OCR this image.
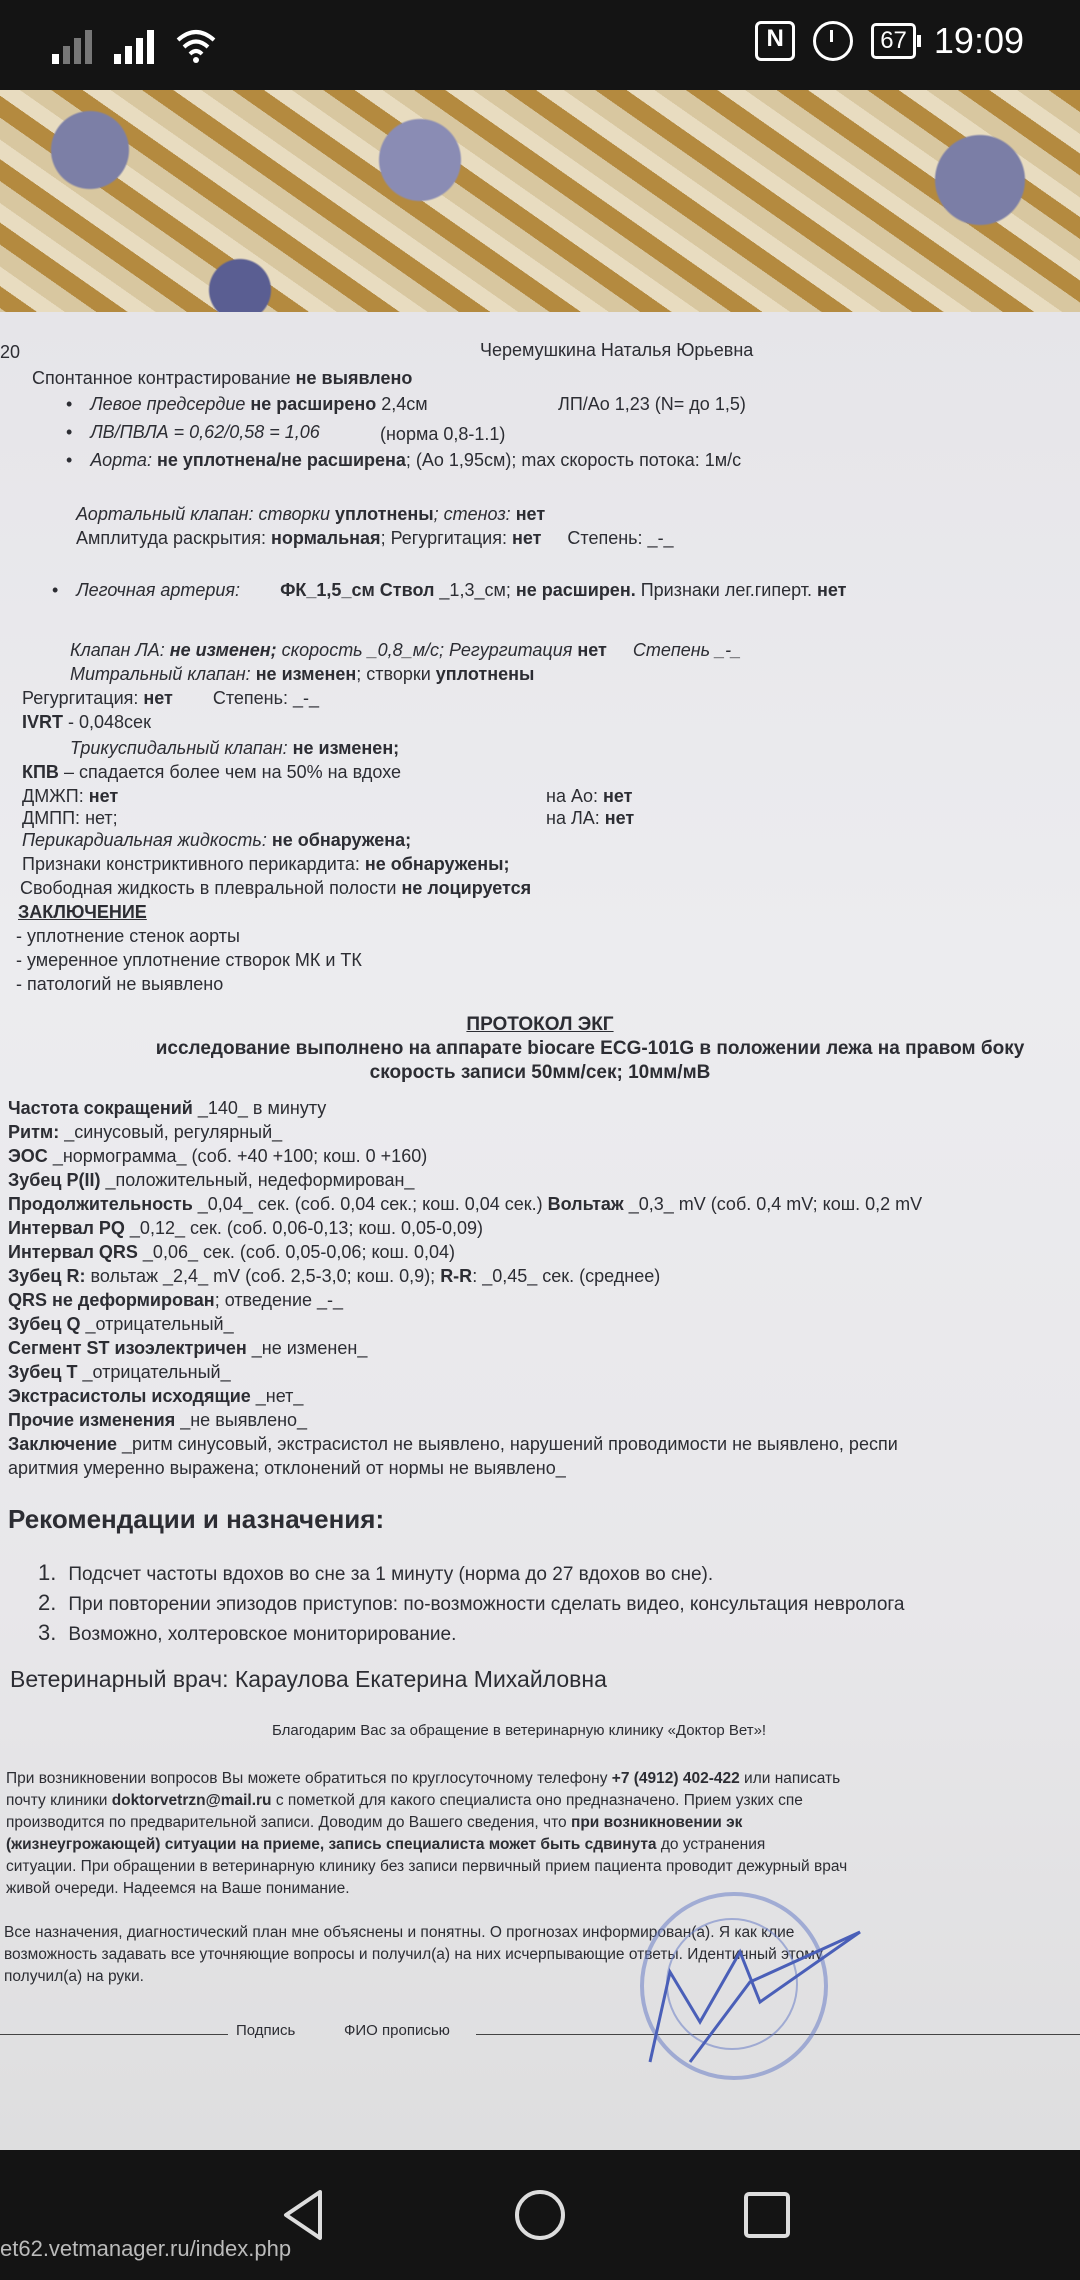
N	67 19:09
20	Черемушкина Наталья Юрьевна
Спонтанное контрастирование не выявлено
• Левое предсердие не расширено 2,4см	ЛП/Ао 1,23 (N= до 1,5)
• ЛВ/ПВЛА = 0,62/0,58 = 1,06	(норма 0,8-1.1)
• Аорта: не уплотнена/не расширена; (Ао 1,95см); max скорость потока: 1м/с
Аортальный клапан: створки уплотнены; стеноз: нет
Амплитуда раскрытия: нормальная; Регургитация: нет Степень: _-_
• Легочная артерия: ФК_1,5_см Ствол _1,3_см; не расширен. Признаки лег.гиперт. нет
Клапан ЛА: не изменен; скорость _0,8_м/с; Регургитация нет Степень _-_
Митральный клапан: не изменен; створки уплотнены
Регургитация: нет Степень: _-_
IVRT - 0,048сек
Трикуспидальный клапан: не изменен;
КПВ – спадается более чем на 50% на вдохе
ДМЖП: нет	на Ао: нет
ДМПП: нет;	на ЛА: нет
Перикардиальная жидкость: не обнаружена;
Признаки констриктивного перикардита: не обнаружены;
Свободная жидкость в плевральной полости не лоцируется
ЗАКЛЮЧЕНИЕ
- уплотнение стенок аорты
- умеренное уплотнение створок МК и ТК
- патологий не выявлено
ПРОТОКОЛ ЭКГ
исследование выполнено на аппарате biocare ECG-101G в положении лежа на правом боку
скорость записи 50мм/сек; 10мм/мВ
Частота сокращений _140_ в минуту
Ритм: _синусовый, регулярный_
ЭОС _нормограмма_ (соб. +40 +100; кош. 0 +160)
Зубец P(II) _положительный, недеформирован_
Продолжительность _0,04_ сек. (соб. 0,04 сек.; кош. 0,04 сек.) Вольтаж _0,3_ mV (соб. 0,4 mV; кош. 0,2 mV
Интервал PQ _0,12_ сек. (соб. 0,06-0,13; кош. 0,05-0,09)
Интервал QRS _0,06_ сек. (соб. 0,05-0,06; кош. 0,04)
Зубец R: вольтаж _2,4_ mV (соб. 2,5-3,0; кош. 0,9); R-R: _0,45_ сек. (среднее)
QRS не деформирован; отведение _-_
Зубец Q _отрицательный_
Сегмент ST изоэлектричен _не изменен_
Зубец T _отрицательный_
Экстрасистолы исходящие _нет_
Прочие изменения _не выявлено_
Заключение _ритм синусовый, экстрасистол не выявлено, нарушений проводимости не выявлено, респи
аритмия умеренно выражена; отклонений от нормы не выявлено_
Рекомендации и назначения:
1. Подсчет частоты вдохов во сне за 1 минуту (норма до 27 вдохов во сне).
2. При повторении эпизодов приступов: по-возможности сделать видео, консультация невролога
3. Возможно, холтеровское мониторирование.
Ветеринарный врач: Караулова Екатерина Михайловна
Благодарим Вас за обращение в ветеринарную клинику «Доктор Вет»!
При возникновении вопросов Вы можете обратиться по круглосуточному телефону +7 (4912) 402-422 или написать
почту клиники doktorvetrzn@mail.ru с пометкой для какого специалиста оно предназначено. Прием узких спе
производится по предварительной записи. Доводим до Вашего сведения, что при возникновении эк
(жизнеугрожающей) ситуации на приеме, запись специалиста может быть сдвинута до устранения
ситуации. При обращении в ветеринарную клинику без записи первичный прием пациента проводит дежурный врач
живой очереди. Надеемся на Ваше понимание.
Все назначения, диагностический план мне объяснены и понятны. О прогнозах информирован(а). Я как клие
возможность задавать все уточняющие вопросы и получил(а) на них исчерпывающие ответы. Идентичный этому
получил(а) на руки.
Подпись	ФИО прописью
et62.vetmanager.ru/index.php
